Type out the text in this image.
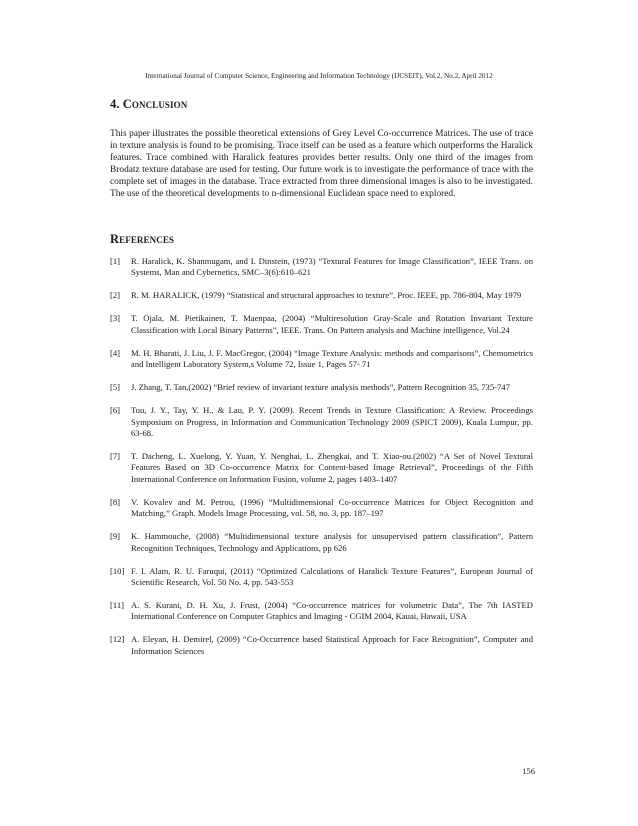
International Journal of Computer Science, Engineering and Information Technology (IJCSEIT), Vol.2, No.2, April 2012
4. Conclusion

This paper illustrates the possible theoretical extensions of Grey Level Co-occurrence Matrices. The use of trace in texture analysis is found to be promising. Trace itself can be used as a feature which outperforms the Haralick features. Trace combined with Haralick features provides better results. Only one third of the images from Brodatz texture database are used for testing. Our future work is to investigate the performance of trace with the complete set of images in the database. Trace extracted from three dimensional images is also to be investigated. The use of the theoretical developments to n-dimensional Euclidean space need to explored.

References
[1] R. Haralick, K. Shanmugam, and I. Dinstein, (1973) “Textural Features for Image Classification”, IEEE Trans. on Systems, Man and Cybernetics, SMC–3(6):610–621
[2] R. M. HARALICK, (1979) “Statistical and structural approaches to texture”, Proc. IEEE, pp. 786-804, May 1979
[3] T. Ojala, M. Pietikainen, T. Maenpaa, (2004) “Multiresolution Gray-Scale and Rotation Invariant Texture Classification with Local Binary Patterns”, IEEE. Trans. On Pattern analysis and Machine intelligence, Vol.24
[4] M. H. Bharati, J. Liu, J. F. MacGregor, (2004) “Image Texture Analysis: methods and comparisons”, Chemometrics and Intelligent Laboratory System,s Volume 72, Issue 1, Pages 57- 71
[5] J. Zhang, T. Tan,(2002) “Brief review of invariant texture analysis methods”, Pattern Recognition 35, 735-747
[6] Tou, J. Y., Tay, Y. H., & Lau, P. Y. (2009). Recent Trends in Texture Classification: A Review. Proceedings Symposium on Progress, in Information and Communication Technology 2009 (SPICT 2009), Kuala Lumpur, pp. 63-68.
[7] T. Dacheng, L. Xuelong, Y. Yuan, Y. Nenghai, L. Zhengkai, and T. Xiao-ou.(2002) “A Set of Novel Textural Features Based on 3D Co-occurrence Matrix for Content-based Image Retrieval”, Proceedings of the Fifth International Conference on Information Fusion, volume 2, pages 1403–1407
[8] V. Kovalev and M. Petrou, (1996) “Multidimensional Co-occurrence Matrices for Object Recognition and Matching,” Graph. Models Image Processing, vol. 58, no. 3, pp. 187–197
[9] K. Hammouche, (2008) “Multidimensional texture analysis for unsupervised pattern classification”, Pattern Recognition Techniques, Technology and Applications, pp 626
[10] F. I. Alam, R. U. Faruqui, (2011) “Optimized Calculations of Haralick Texture Features”, European Journal of Scientific Research, Vol. 50 No. 4, pp. 543-553
[11] A. S. Kurani, D. H. Xu, J. Frust, (2004) “Co-occurrence matrices for volumetric Data”, The 7th IASTED International Conference on Computer Graphics and Imaging - CGIM 2004, Kauai, Hawaii, USA
[12] A. Eleyan, H. Demirel, (2009) “Co-Occurrence based Statistical Approach for Face Recognition”, Computer and Information Sciences
156
